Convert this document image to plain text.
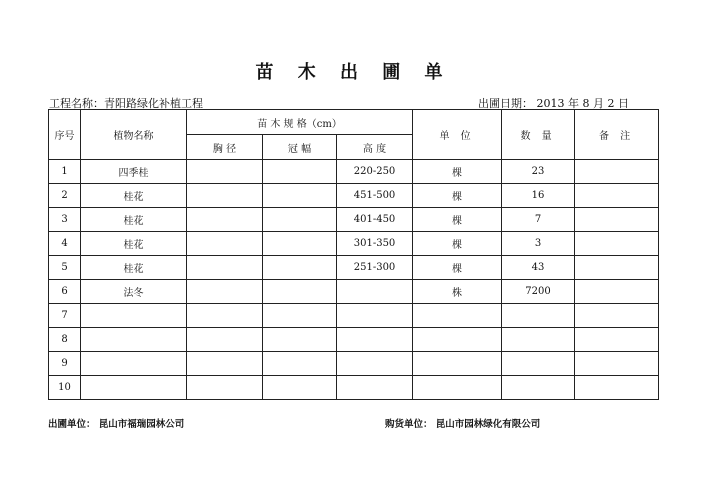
苗 木 出 圃 单
工程名称：青阳路绿化补植工程	出圃日期： 2013 年 8 月 2 日
序号	植物名称	苗 木 规 格（cm）			单 位	数 量	备 注
		胸 径	冠 幅	高 度			
1	四季桂			220-250	棵	23	
2	桂花			451-500	棵	16	
3	桂花			401-450	棵	7	
4	桂花			301-350	棵	3	
5	桂花			251-300	棵	43	
6	法冬				株	7200	
7							
8							
9							
10							
出圃单位： 昆山市福瑞园林公司	购货单位： 昆山市园林绿化有限公司
